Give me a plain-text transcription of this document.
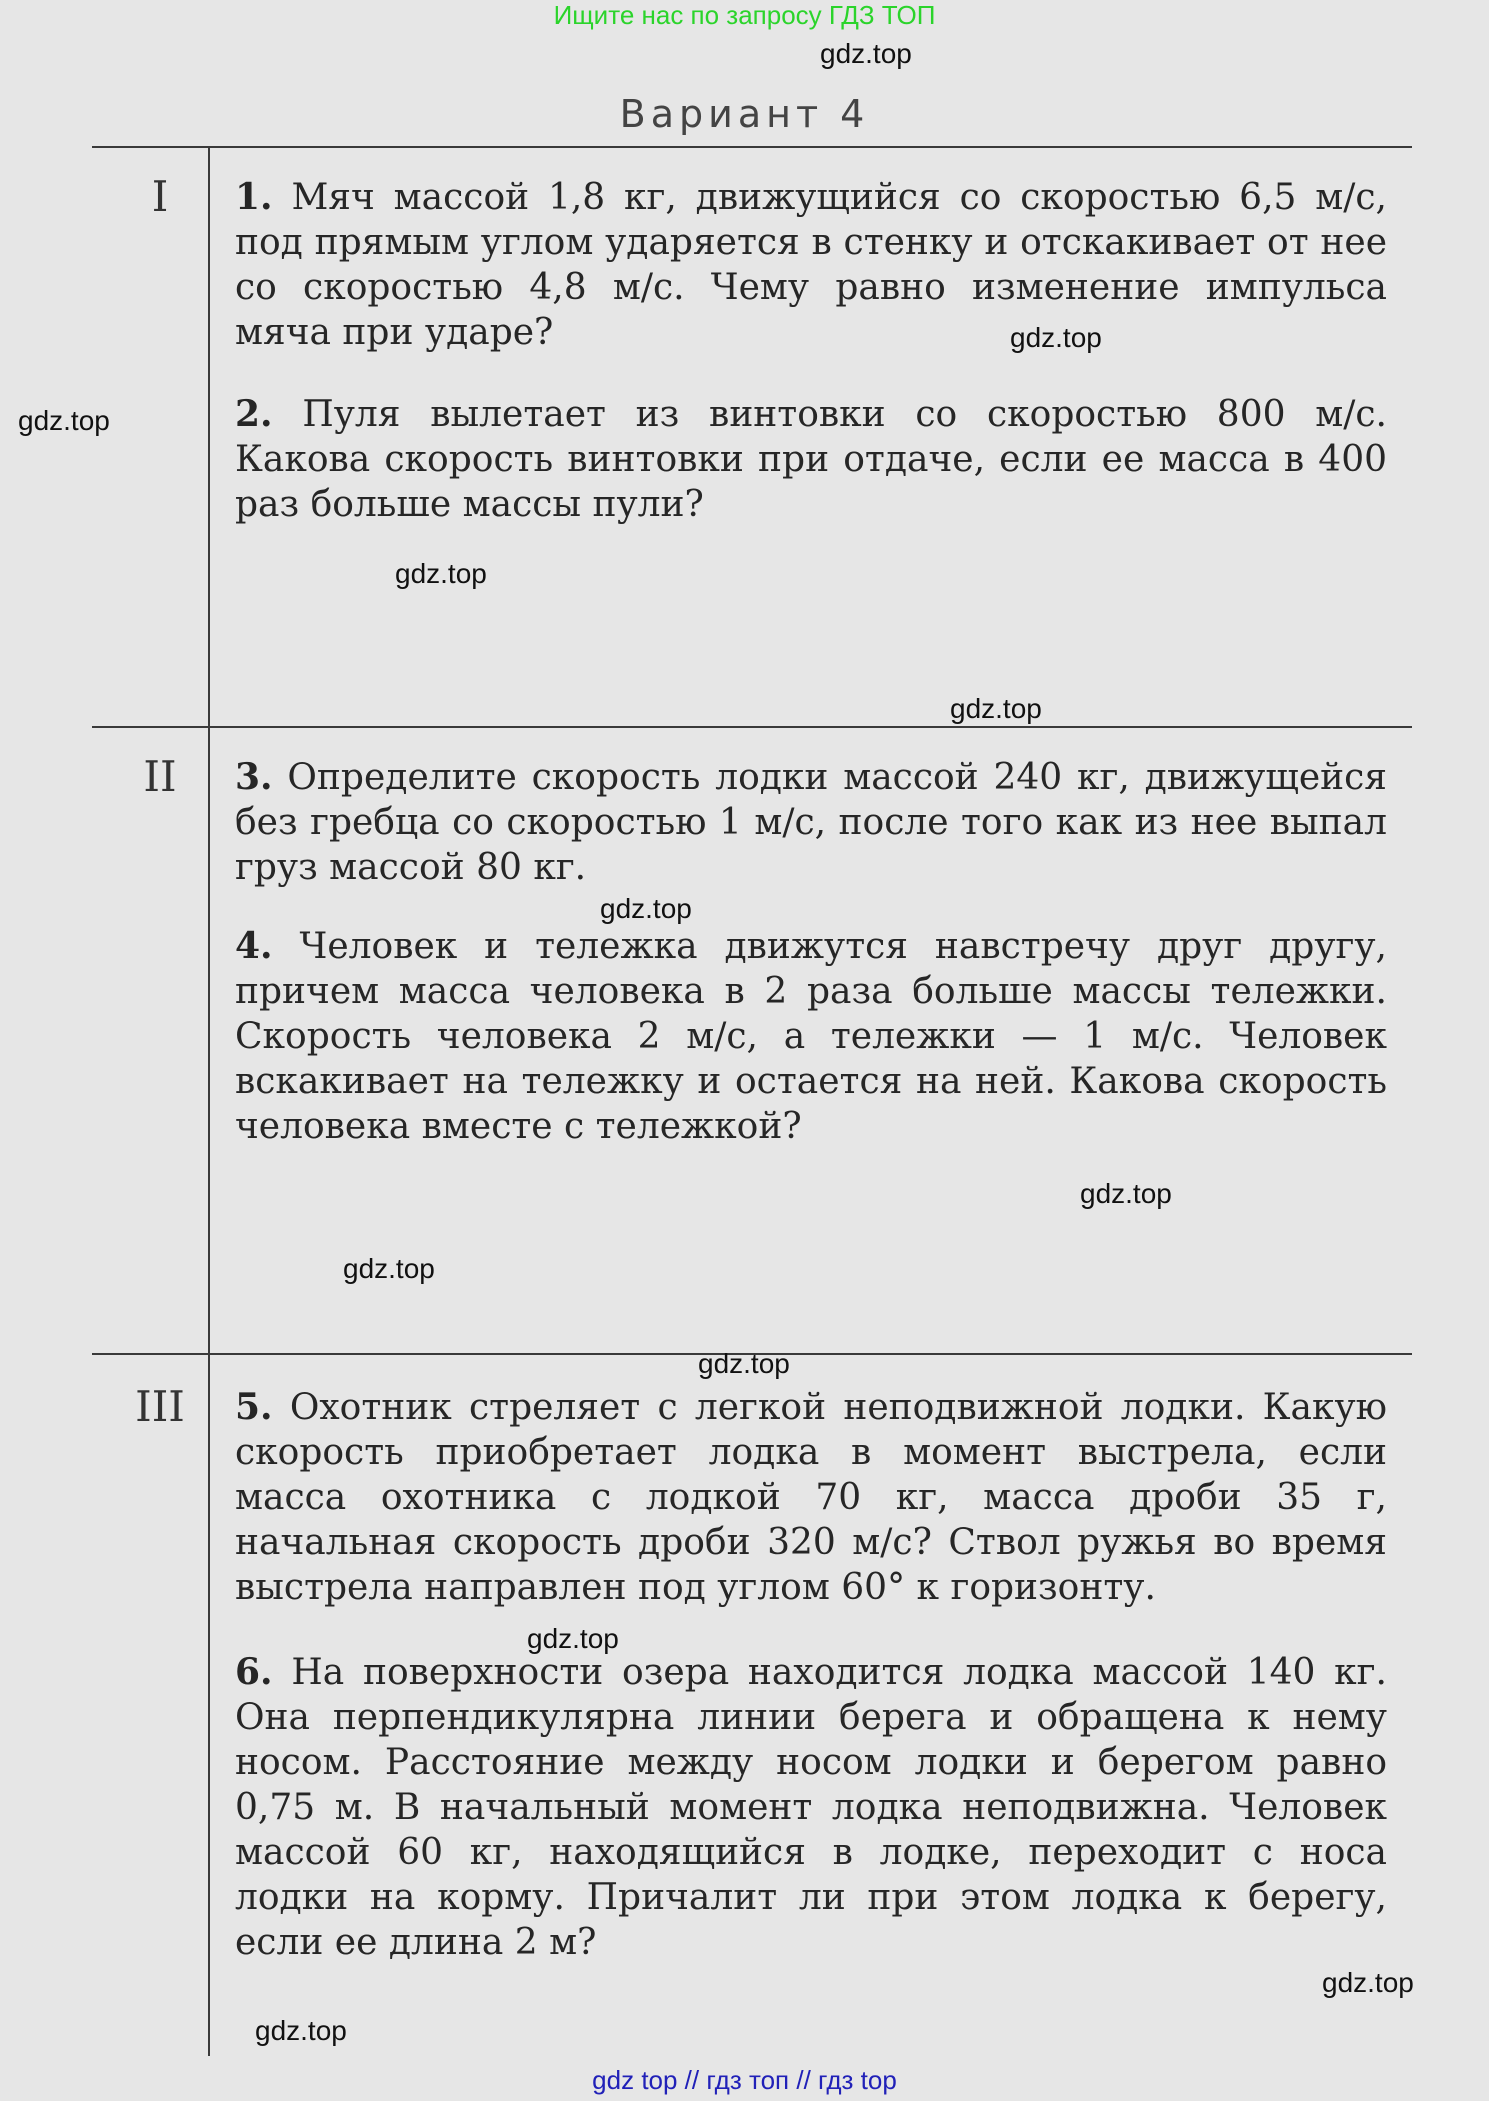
Ищите нас по запросу ГДЗ ТОП
Вариант 4
I	1. Мяч массой 1,8 кг, движущийся со скоростью 6,5 м/с, под прямым углом ударяется в стенку и отскакивает от нее со скоростью 4,8 м/с. Чему равно изменение импульса мяча при ударе?
2. Пуля вылетает из винтовки со скоростью 800 м/с. Какова скорость винтовки при отдаче, если ее масса в 400 раз больше массы пули?
II	3. Определите скорость лодки массой 240 кг, движущейся без гребца со скоростью 1 м/с, после того как из нее выпал груз массой 80 кг.
4. Человек и тележка движутся навстречу друг другу, причем масса человека в 2 раза больше массы тележки. Скорость человека 2 м/с, а тележки — 1 м/с. Человек вскакивает на тележку и остается на ней. Какова скорость человека вместе с тележкой?
III	5. Охотник стреляет с легкой неподвижной лодки. Какую скорость приобретает лодка в момент выстрела, если масса охотника с лодкой 70 кг, масса дроби 35 г, начальная скорость дроби 320 м/с? Ствол ружья во время выстрела направлен под углом 60° к горизонту.
6. На поверхности озера находится лодка массой 140 кг. Она перпендикулярна линии берега и обращена к нему носом. Расстояние между носом лодки и берегом равно 0,75 м. В начальный момент лодка неподвижна. Человек массой 60 кг, находящийся в лодке, переходит с носа лодки на корму. Причалит ли при этом лодка к берегу, если ее длина 2 м?
gdz.top
gdz.top
gdz.top
gdz.top
gdz.top
gdz.top
gdz.top
gdz.top
gdz.top
gdz.top
gdz.top
gdz.top
gdz top // гдз топ // гдз top
